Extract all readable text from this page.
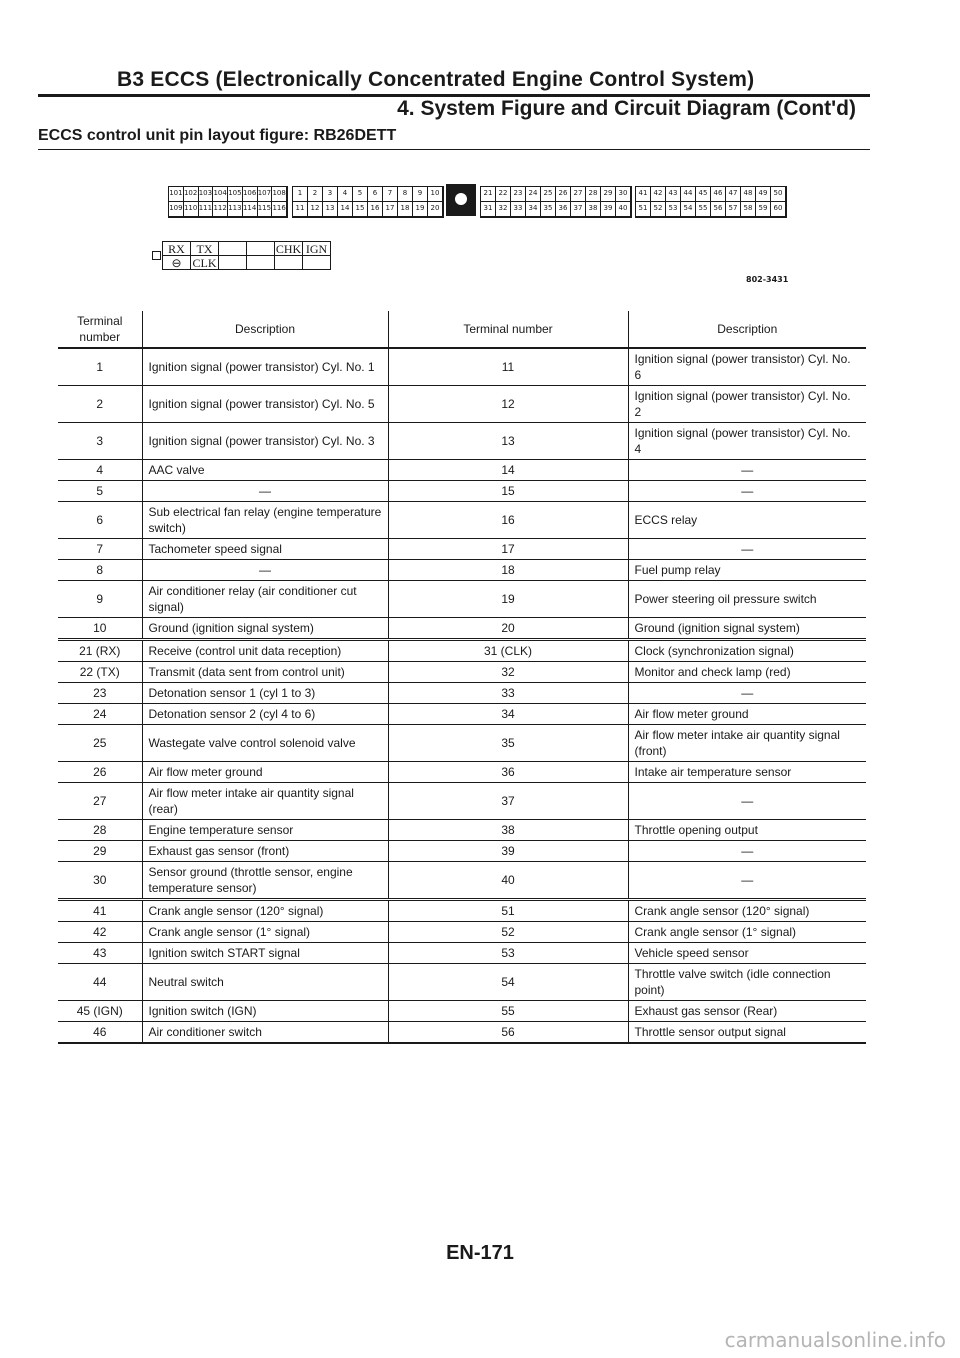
B3 ECCS (Electronically Concentrated Engine Control System)
4. System Figure and Circuit Diagram (Cont'd)
ECCS control unit pin layout figure: RB26DETT
101 102 103 104 105 106 107 108
109 110 111 112 113 114 115 116
1	2	3	4	5	6	7	8	9	10
11 12 13 14 15 16 17 18 19 20
21 22 23 24 25 26 27 28 29 30
31 32 33 34 35 36 37 38 39 40
41 42 43 44 45 46 47 48 49 50
51 52 53 54 55 56 57 58 59 60
RX	TX			CHK	IGN
⊖	CLK				
802-3431
Terminal number	Description	Terminal number	Description
1	Ignition signal (power transistor) Cyl. No. 1	11	Ignition signal (power transistor) Cyl. No. 6
2	Ignition signal (power transistor) Cyl. No. 5	12	Ignition signal (power transistor) Cyl. No. 2
3	Ignition signal (power transistor) Cyl. No. 3	13	Ignition signal (power transistor) Cyl. No. 4
4	AAC valve	14	—
5	—	15	—
6	Sub electrical fan relay (engine temperature switch)	16	ECCS relay
7	Tachometer speed signal	17	—
8	—	18	Fuel pump relay
9	Air conditioner relay (air conditioner cut signal)	19	Power steering oil pressure switch
10	Ground (ignition signal system)	20	Ground (ignition signal system)
21 (RX)	Receive (control unit data reception)	31 (CLK)	Clock (synchronization signal)
22 (TX)	Transmit (data sent from control unit)	32	Monitor and check lamp (red)
23	Detonation sensor 1 (cyl 1 to 3)	33	—
24	Detonation sensor 2 (cyl 4 to 6)	34	Air flow meter ground
25	Wastegate valve control solenoid valve	35	Air flow meter intake air quantity signal (front)
26	Air flow meter ground	36	Intake air temperature sensor
27	Air flow meter intake air quantity signal (rear)	37	—
28	Engine temperature sensor	38	Throttle opening output
29	Exhaust gas sensor (front)	39	—
30	Sensor ground (throttle sensor, engine temperature sensor)	40	—
41	Crank angle sensor (120° signal)	51	Crank angle sensor (120° signal)
42	Crank angle sensor (1° signal)	52	Crank angle sensor (1° signal)
43	Ignition switch START signal	53	Vehicle speed sensor
44	Neutral switch	54	Throttle valve switch (idle connection point)
45 (IGN)	Ignition switch (IGN)	55	Exhaust gas sensor (Rear)
46	Air conditioner switch	56	Throttle sensor output signal
EN-171
carmanualsonline.info
